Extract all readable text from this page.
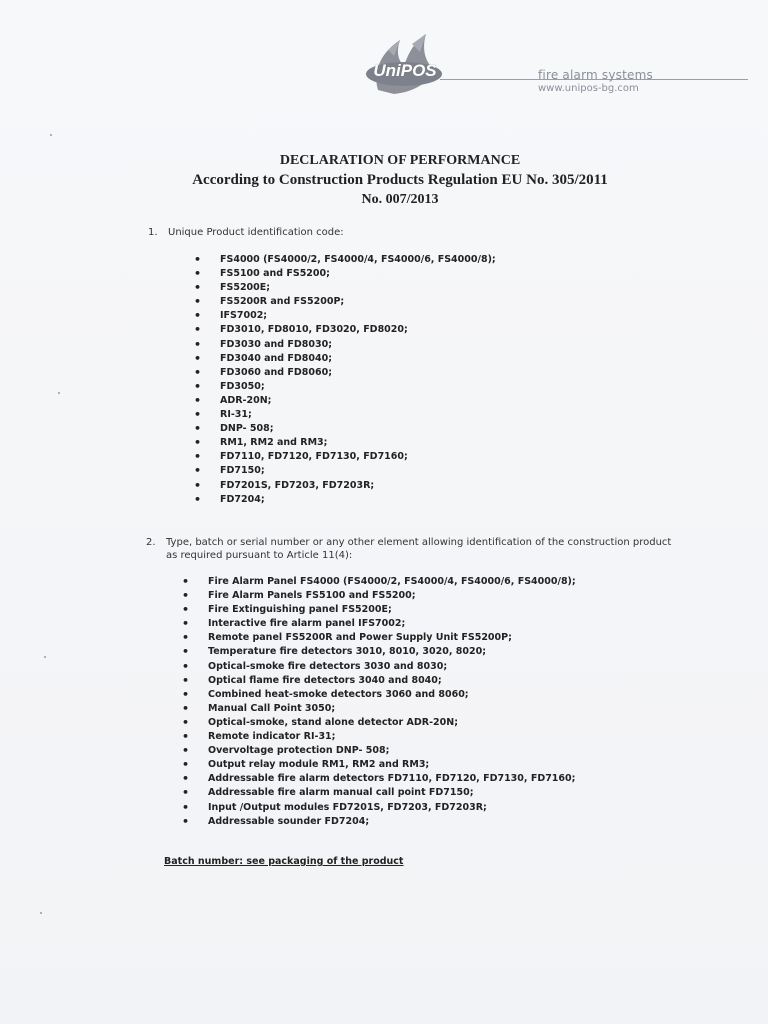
UniPOS	fire alarm systems
www.unipos-bg.com
DECLARATION OF PERFORMANCE
According to Construction Products Regulation EU No. 305/2011
No. 007/2013
1. Unique Product identification code:
• FS4000 (FS4000/2, FS4000/4, FS4000/6, FS4000/8);
• FS5100 and FS5200;
• FS5200E;
• FS5200R and FS5200P;
• IFS7002;
• FD3010, FD8010, FD3020, FD8020;
• FD3030 and FD8030;
• FD3040 and FD8040;
• FD3060 and FD8060;
• FD3050;
• ADR-20N;
• RI-31;
• DNP- 508;
• RM1, RM2 and RM3;
• FD7110, FD7120, FD7130, FD7160;
• FD7150;
• FD7201S, FD7203, FD7203R;
• FD7204;
2. Type, batch or serial number or any other element allowing identification of the construction product
as required pursuant to Article 11(4):
• Fire Alarm Panel FS4000 (FS4000/2, FS4000/4, FS4000/6, FS4000/8);
• Fire Alarm Panels FS5100 and FS5200;
• Fire Extinguishing panel FS5200E;
• Interactive fire alarm panel IFS7002;
• Remote panel FS5200R and Power Supply Unit FS5200P;
• Temperature fire detectors 3010, 8010, 3020, 8020;
• Optical-smoke fire detectors 3030 and 8030;
• Optical flame fire detectors 3040 and 8040;
• Combined heat-smoke detectors 3060 and 8060;
• Manual Call Point 3050;
• Optical-smoke, stand alone detector ADR-20N;
• Remote indicator RI-31;
• Overvoltage protection DNP- 508;
• Output relay module RM1, RM2 and RM3;
• Addressable fire alarm detectors FD7110, FD7120, FD7130, FD7160;
• Addressable fire alarm manual call point FD7150;
• Input /Output modules FD7201S, FD7203, FD7203R;
• Addressable sounder FD7204;
Batch number: see packaging of the product
